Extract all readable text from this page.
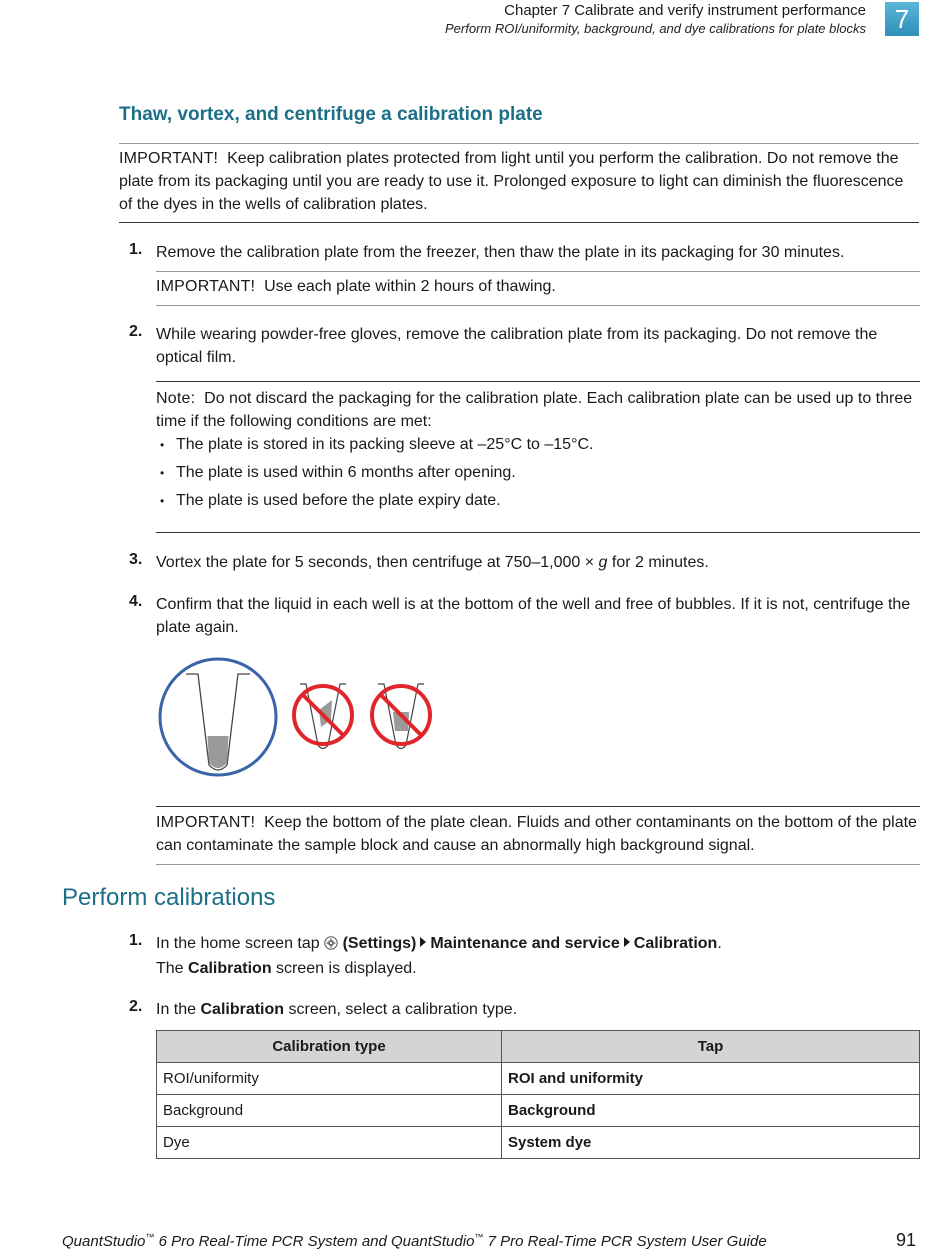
Chapter 7 Calibrate and verify instrument performance
Perform ROI/uniformity, background, and dye calibrations for plate blocks	7
Thaw, vortex, and centrifuge a calibration plate
IMPORTANT! Keep calibration plates protected from light until you perform the calibration. Do not remove the plate from its packaging until you are ready to use it. Prolonged exposure to light can diminish the fluorescence of the dyes in the wells of calibration plates.
1. Remove the calibration plate from the freezer, then thaw the plate in its packaging for 30 minutes.
IMPORTANT! Use each plate within 2 hours of thawing.
2. While wearing powder-free gloves, remove the calibration plate from its packaging. Do not remove the optical film.
Note: Do not discard the packaging for the calibration plate. Each calibration plate can be used up to three time if the following conditions are met:
• The plate is stored in its packing sleeve at –25°C to –15°C.
• The plate is used within 6 months after opening.
• The plate is used before the plate expiry date.
3. Vortex the plate for 5 seconds, then centrifuge at 750–1,000 × g for 2 minutes.
4. Confirm that the liquid in each well is at the bottom of the well and free of bubbles. If it is not, centrifuge the plate again.
IMPORTANT! Keep the bottom of the plate clean. Fluids and other contaminants on the bottom of the plate can contaminate the sample block and cause an abnormally high background signal.
Perform calibrations
1. In the home screen tap (Settings) Maintenance and service Calibration.
The Calibration screen is displayed.
2. In the Calibration screen, select a calibration type.
Calibration type	Tap
ROI/uniformity	ROI and uniformity
Background	Background
Dye	System dye
QuantStudio™ 6 Pro Real-Time PCR System and QuantStudio™ 7 Pro Real-Time PCR System User Guide	91
